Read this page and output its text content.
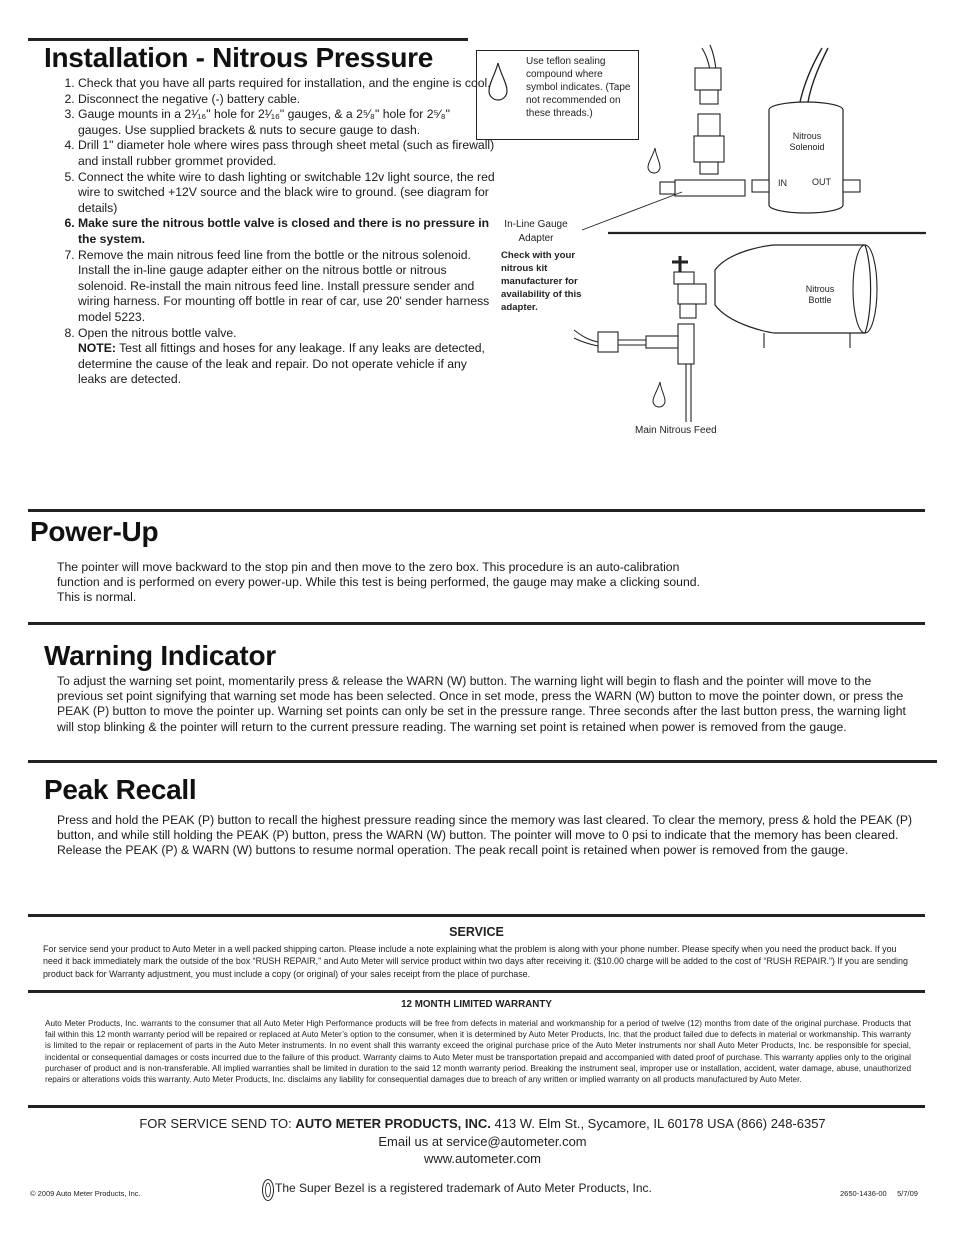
Installation - Nitrous Pressure
1. Check that you have all parts required for installation, and the engine is cool.
2. Disconnect the negative (-) battery cable.
3. Gauge mounts in a 2¹⁄₁₆" hole for 2¹⁄₁₆" gauges, & a 2⁵⁄₈" hole for 2⁵⁄₈" gauges. Use supplied brackets & nuts to secure gauge to dash.
4. Drill 1" diameter hole where wires pass through sheet metal (such as firewall) and install rubber grommet provided.
5. Connect the white wire to dash lighting or switchable 12v light source, the red wire to switched +12V source and the black wire to ground. (see diagram for details)
6. Make sure the nitrous bottle valve is closed and there is no pressure in the system.
7. Remove the main nitrous feed line from the bottle or the nitrous solenoid. Install the in-line gauge adapter either on the nitrous bottle or nitrous solenoid. Re-install the main nitrous feed line. Install pressure sender and wiring harness. For mounting off bottle in rear of car, use 20' sender harness model 5223.
8. Open the nitrous bottle valve.
NOTE: Test all fittings and hoses for any leakage. If any leaks are detected, determine the cause of the leak and repair. Do not operate vehicle if any leaks are detected.
Use teflon sealing compound where symbol indicates. (Tape not recommended on these threads.)
Nitrous Solenoid
IN	OUT
In-Line Gauge Adapter
Check with your nitrous kit manufacturer for availability of this adapter.
Nitrous Bottle
Main Nitrous Feed
Power-Up
The pointer will move backward to the stop pin and then move to the zero box. This procedure is an auto-calibration function and is performed on every power-up. While this test is being performed, the gauge may make a clicking sound. This is normal.
Warning Indicator
To adjust the warning set point, momentarily press & release the WARN (W) button. The warning light will begin to flash and the pointer will move to the previous set point signifying that warning set mode has been selected. Once in set mode, press the WARN (W) button to move the pointer down, or press the PEAK (P) button to move the pointer up. Warning set points can only be set in the pressure range. Three seconds after the last button press, the warning light will stop blinking & the pointer will return to the current pressure reading. The warning set point is retained when power is removed from the gauge.
Peak Recall
Press and hold the PEAK (P) button to recall the highest pressure reading since the memory was last cleared. To clear the memory, press & hold the PEAK (P) button, and while still holding the PEAK (P) button, press the WARN (W) button. The pointer will move to 0 psi to indicate that the memory has been cleared. Release the PEAK (P) & WARN (W) buttons to resume normal operation. The peak recall point is retained when power is removed from the gauge.
SERVICE
For service send your product to Auto Meter in a well packed shipping carton. Please include a note explaining what the problem is along with your phone number. Please specify when you need the product back. If you need it back immediately mark the outside of the box “RUSH REPAIR,” and Auto Meter will service product within two days after receiving it. ($10.00 charge will be added to the cost of “RUSH REPAIR.”) If you are sending product back for Warranty adjustment, you must include a copy (or original) of your sales receipt from the place of purchase.
12 MONTH LIMITED WARRANTY
Auto Meter Products, Inc. warrants to the consumer that all Auto Meter High Performance products will be free from defects in material and workmanship for a period of twelve (12) months from date of the original purchase. Products that fail within this 12 month warranty period will be repaired or replaced at Auto Meter’s option to the consumer, when it is determined by Auto Meter Products, Inc. that the product failed due to defects in material or workmanship. This warranty is limited to the repair or replacement of parts in the Auto Meter instruments. In no event shall this warranty exceed the original purchase price of the Auto Meter instruments nor shall Auto Meter Products, Inc. be responsible for special, incidental or consequential damages or costs incurred due to the failure of this product. Warranty claims to Auto Meter must be transportation prepaid and accompanied with dated proof of purchase. This warranty applies only to the original purchaser of product and is non-transferable. All implied warranties shall be limited in duration to the said 12 month warranty period. Breaking the instrument seal, improper use or installation, accident, water damage, abuse, unauthorized repairs or alterations voids this warranty. Auto Meter Products, Inc. disclaims any liability for consequential damages due to breach of any written or implied warranty on all products manufactured by Auto Meter.
FOR SERVICE SEND TO: AUTO METER PRODUCTS, INC. 413 W. Elm St., Sycamore, IL 60178 USA (866) 248-6357
Email us at service@autometer.com
www.autometer.com
© 2009 Auto Meter Products, Inc.	The Super Bezel is a registered trademark of Auto Meter Products, Inc.	2650-1436-00     5/7/09
